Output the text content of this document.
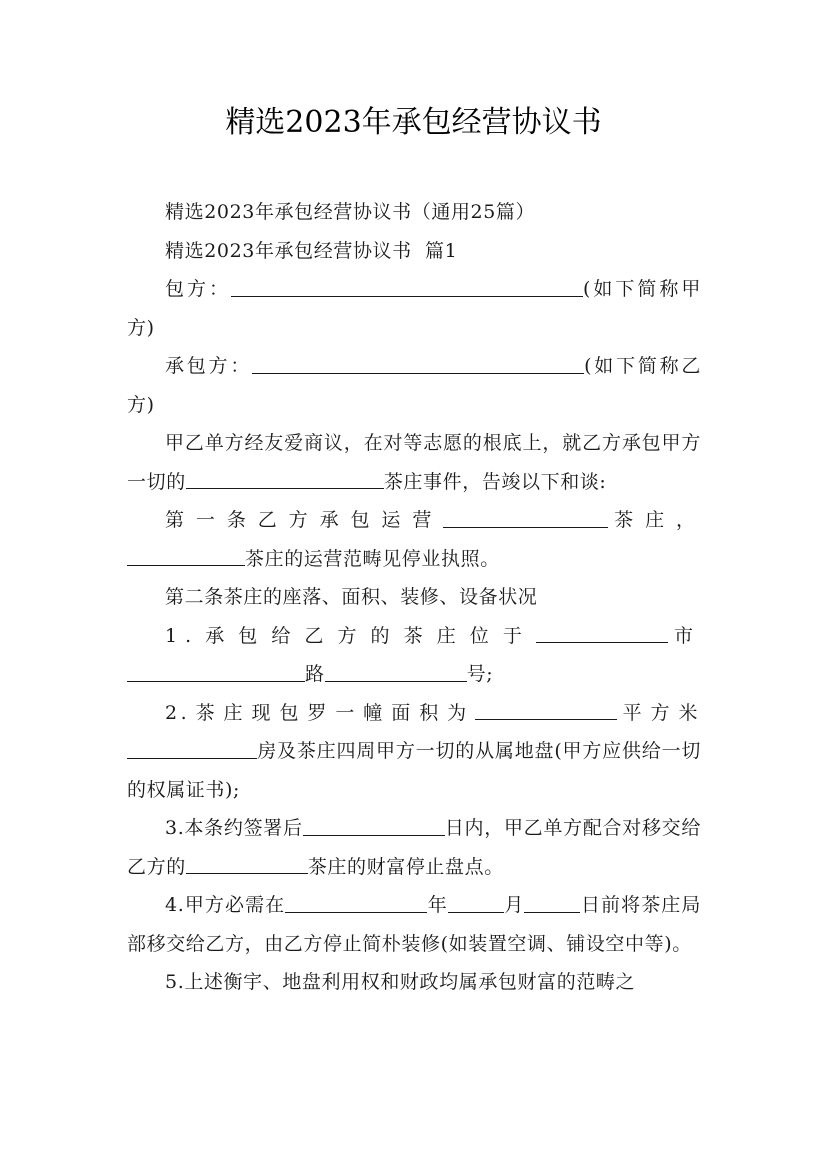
精选2023年承包经营协议书

精选2023年承包经营协议书（通用25篇）

精选2023年承包经营协议书  篇1

包方：	(如下简称甲方)

承包方：	(如下简称乙方)

甲乙单方经友爱商议，在对等志愿的根底上，就乙方承包甲方一切的	茶庄事件，告竣以下和谈:

第一条乙方承包运营	茶庄，

茶庄的运营范畴见停业执照。

第二条茶庄的座落、面积、装修、设备状况

1.承包给乙方的茶庄位于	市

路	号;

2.茶庄现包罗一幢面积为	平方米

房及茶庄四周甲方一切的从属地盘(甲方应供给一切的权属证书);

3.本条约签署后	日内，甲乙单方配合对移交给乙方的	茶庄的财富停止盘点。

4.甲方必需在	年	月	日前将茶庄局部移交给乙方，由乙方停止简朴装修(如装置空调、铺设空中等)。

5.上述衡宇、地盘利用权和财政均属承包财富的范畴之
